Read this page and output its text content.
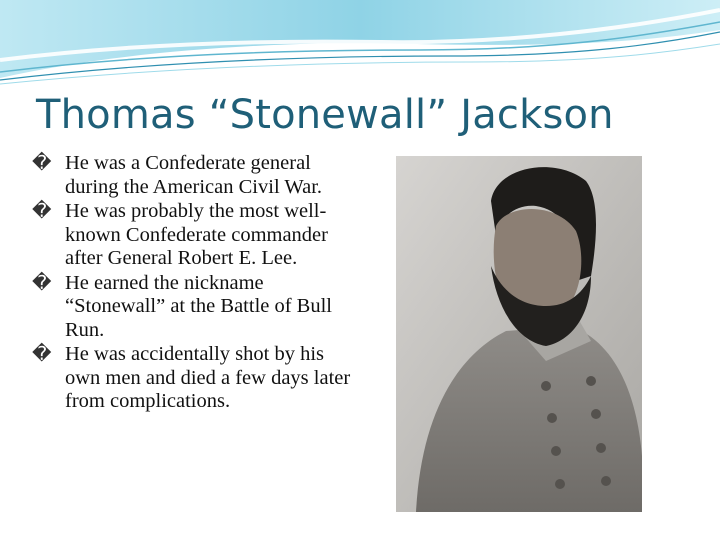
Thomas “Stonewall” Jackson
� He was a Confederate general during the American Civil War.
� He was probably the most well-known Confederate commander after General Robert E. Lee.
� He earned the nickname “Stonewall” at the Battle of Bull Run.
� He was accidentally shot by his own men and died a few days later from complications.
